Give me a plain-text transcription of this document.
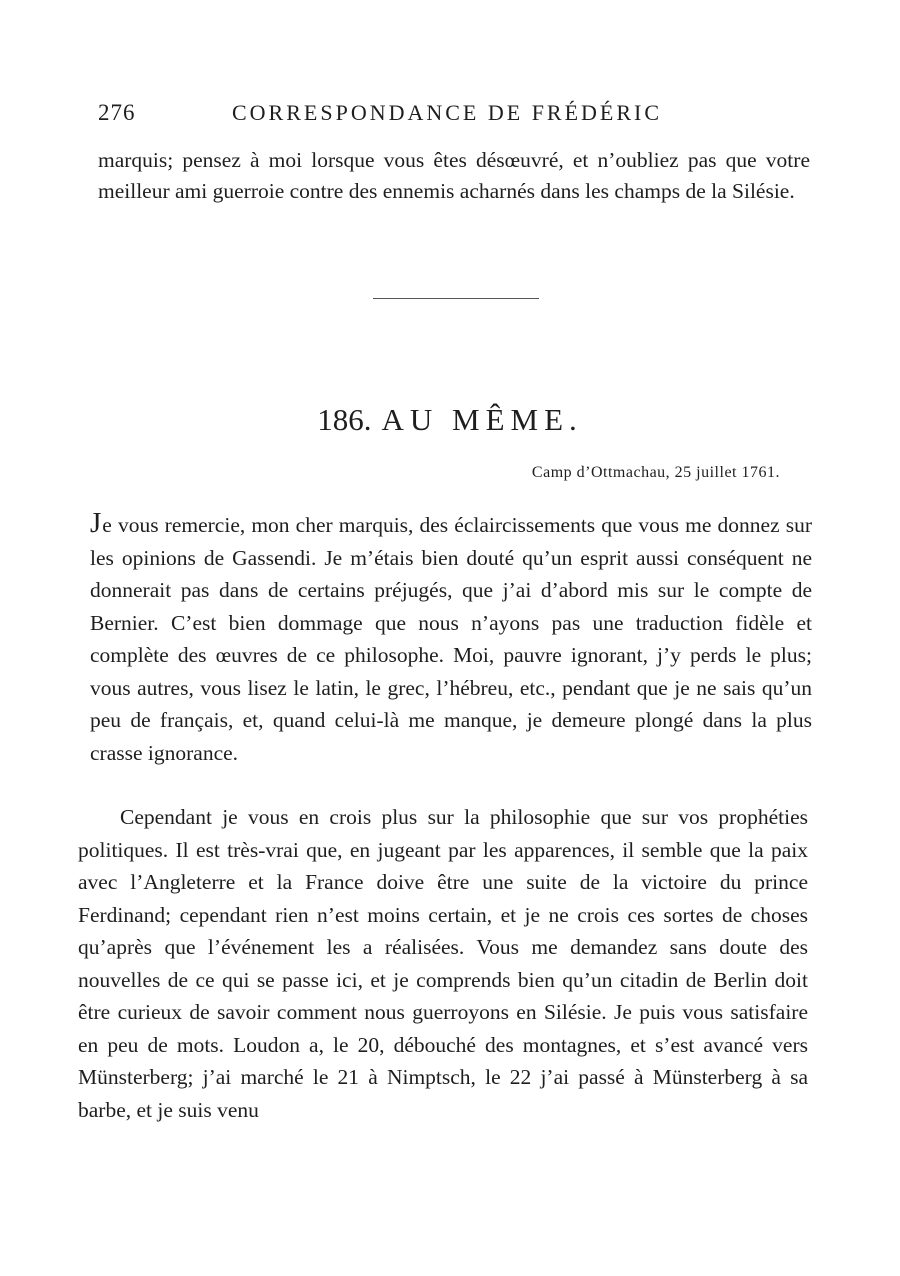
276	CORRESPONDANCE DE FRÉDÉRIC

marquis; pensez à moi lorsque vous êtes désœuvré, et n’oubliez pas que votre meilleur ami guerroie contre des ennemis acharnés dans les champs de la Silésie.

186. AU MÊME.
Camp d’Ottmachau, 25 juillet 1761.

Je vous remercie, mon cher marquis, des éclaircissements que vous me donnez sur les opinions de Gassendi. Je m’étais bien douté qu’un esprit aussi conséquent ne donnerait pas dans de certains préjugés, que j’ai d’abord mis sur le compte de Bernier. C’est bien dommage que nous n’ayons pas une traduction fidèle et complète des œuvres de ce philosophe. Moi, pauvre ignorant, j’y perds le plus; vous autres, vous lisez le latin, le grec, l’hébreu, etc., pendant que je ne sais qu’un peu de français, et, quand celui-là me manque, je demeure plongé dans la plus crasse ignorance.

Cependant je vous en crois plus sur la philosophie que sur vos prophéties politiques. Il est très-vrai que, en jugeant par les apparences, il semble que la paix avec l’Angleterre et la France doive être une suite de la victoire du prince Ferdinand; cependant rien n’est moins certain, et je ne crois ces sortes de choses qu’après que l’événement les a réalisées. Vous me demandez sans doute des nouvelles de ce qui se passe ici, et je comprends bien qu’un citadin de Berlin doit être curieux de savoir comment nous guerroyons en Silésie. Je puis vous satisfaire en peu de mots. Loudon a, le 20, débouché des montagnes, et s’est avancé vers Münsterberg; j’ai marché le 21 à Nimptsch, le 22 j’ai passé à Münsterberg à sa barbe, et je suis venu
